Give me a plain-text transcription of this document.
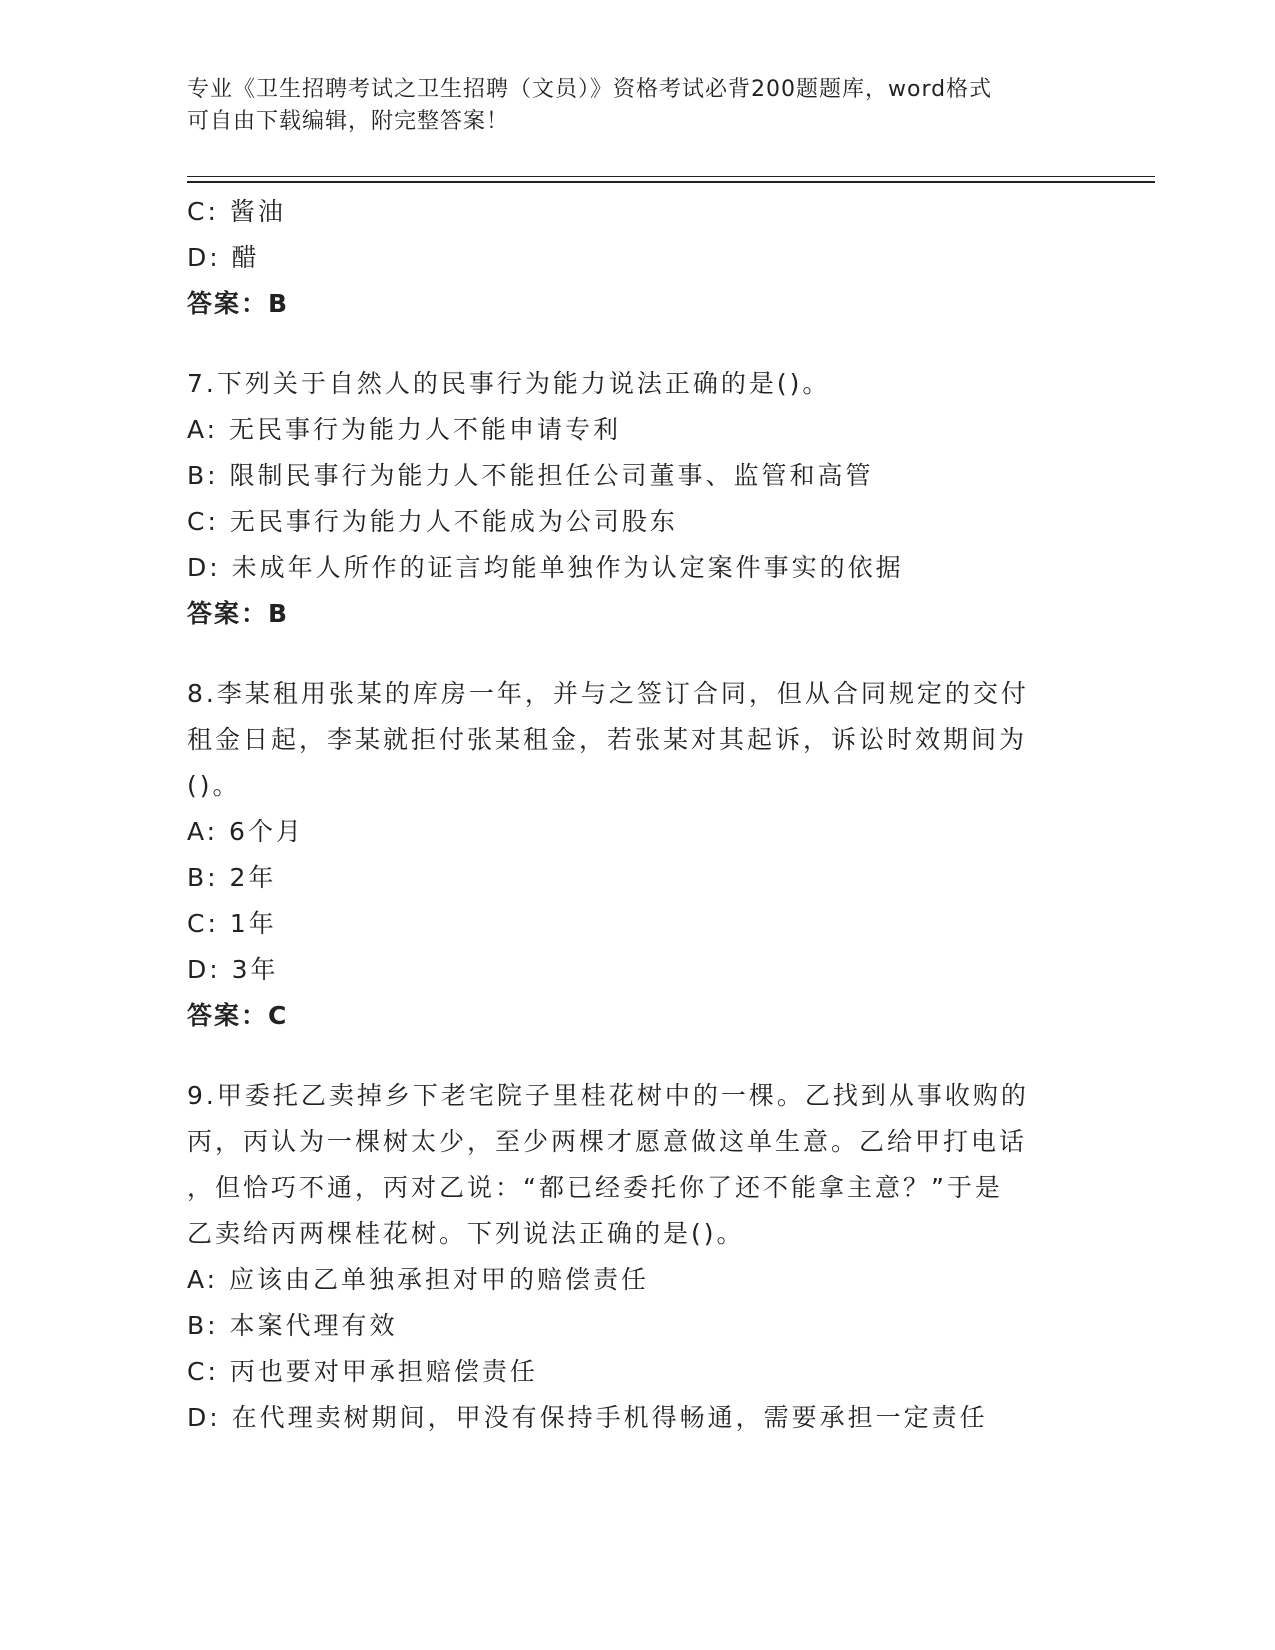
专业《卫生招聘考试之卫生招聘（文员）》资格考试必背200题题库，word格式
可自由下载编辑，附完整答案！
C: 酱油
D: 醋
答案：B
7.下列关于自然人的民事行为能力说法正确的是()。
A: 无民事行为能力人不能申请专利
B: 限制民事行为能力人不能担任公司董事、监管和高管
C: 无民事行为能力人不能成为公司股东
D: 未成年人所作的证言均能单独作为认定案件事实的依据
答案：B
8.李某租用张某的库房一年，并与之签订合同，但从合同规定的交付
租金日起，李某就拒付张某租金，若张某对其起诉，诉讼时效期间为
()。
A: 6个月
B: 2年
C: 1年
D: 3年
答案：C
9.甲委托乙卖掉乡下老宅院子里桂花树中的一棵。乙找到从事收购的
丙，丙认为一棵树太少，至少两棵才愿意做这单生意。乙给甲打电话
，但恰巧不通，丙对乙说：“都已经委托你了还不能拿主意？”于是
乙卖给丙两棵桂花树。下列说法正确的是()。
A: 应该由乙单独承担对甲的赔偿责任
B: 本案代理有效
C: 丙也要对甲承担赔偿责任
D: 在代理卖树期间，甲没有保持手机得畅通，需要承担一定责任
